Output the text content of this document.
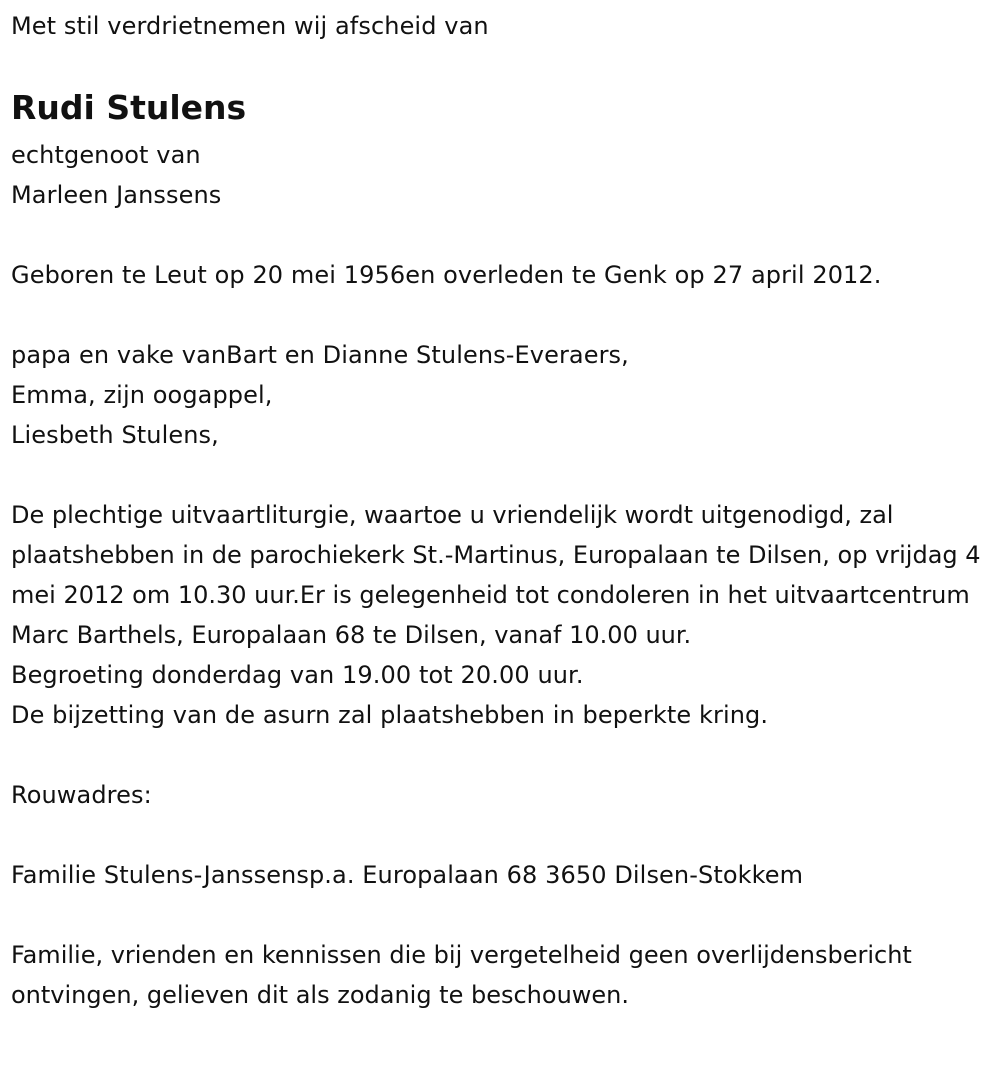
Met stil verdrietnemen wij afscheid van
Rudi Stulens
echtgenoot van
Marleen Janssens
Geboren te Leut op 20 mei 1956en overleden te Genk op 27 april 2012.
papa en vake vanBart en Dianne Stulens-Everaers,
Emma, zijn oogappel,
Liesbeth Stulens,
De plechtige uitvaartliturgie, waartoe u vriendelijk wordt uitgenodigd, zal plaatshebben in de parochiekerk St.-Martinus, Europalaan te Dilsen, op vrijdag 4 mei 2012 om 10.30 uur.Er is gelegenheid tot condoleren in het uitvaartcentrum Marc Barthels, Europalaan 68 te Dilsen, vanaf 10.00 uur.
Begroeting donderdag van 19.00 tot 20.00 uur.
De bijzetting van de asurn zal plaatshebben in beperkte kring.
Rouwadres:
Familie Stulens-Janssensp.a. Europalaan 68 3650 Dilsen-Stokkem
Familie, vrienden en kennissen die bij vergetelheid geen overlijdensbericht ontvingen, gelieven dit als zodanig te beschouwen.
